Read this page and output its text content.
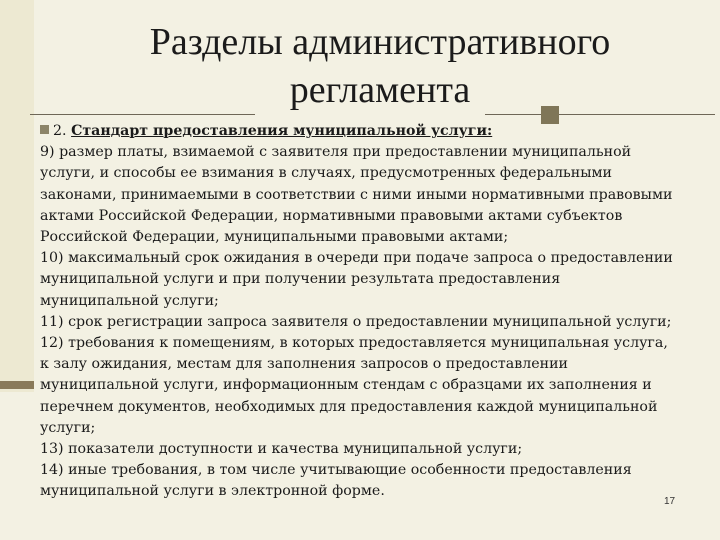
Разделы административного
регламента
2. Стандарт предоставления муниципальной услуги:
9) размер платы, взимаемой с заявителя при предоставлении муниципальной
услуги, и способы ее взимания в случаях, предусмотренных федеральными
законами, принимаемыми в соответствии с ними иными нормативными правовыми
актами Российской Федерации, нормативными правовыми актами субъектов
Российской Федерации, муниципальными правовыми актами;
10) максимальный срок ожидания в очереди при подаче запроса о предоставлении
муниципальной услуги и при получении результата предоставления
муниципальной услуги;
11) срок регистрации запроса заявителя о предоставлении муниципальной услуги;
12) требования к помещениям, в которых предоставляется муниципальная услуга,
к залу ожидания, местам для заполнения запросов о предоставлении
муниципальной услуги, информационным стендам с образцами их заполнения и
перечнем документов, необходимых для предоставления каждой муниципальной
услуги;
13) показатели доступности и качества муниципальной услуги;
14) иные требования, в том числе учитывающие особенности предоставления
муниципальной услуги в электронной форме.
17
